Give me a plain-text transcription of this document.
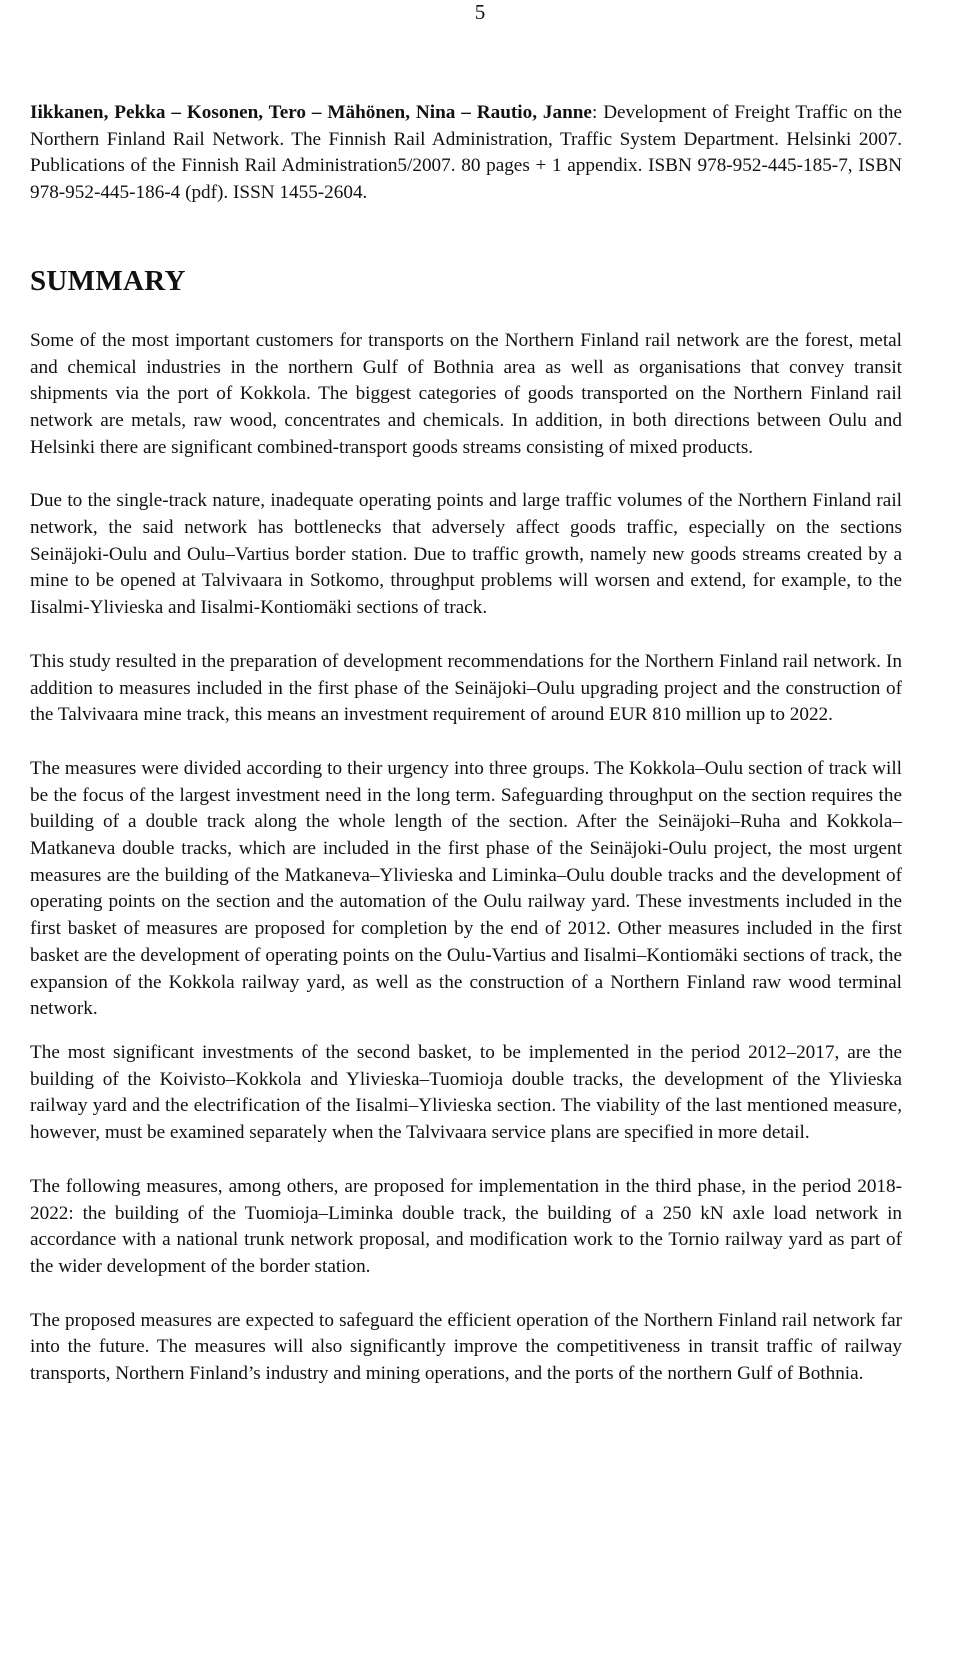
5

Iikkanen, Pekka – Kosonen, Tero – Mähönen, Nina – Rautio, Janne: Development of Freight Traffic on the Northern Finland Rail Network. The Finnish Rail Administration, Traffic System Department. Helsinki 2007. Publications of the Finnish Rail Administration5/2007. 80 pages + 1 appendix. ISBN 978-952-445-185-7, ISBN 978-952-445-186-4 (pdf). ISSN 1455-2604.

SUMMARY

Some of the most important customers for transports on the Northern Finland rail network are the forest, metal and chemical industries in the northern Gulf of Bothnia area as well as organisations that convey transit shipments via the port of Kokkola. The biggest categories of goods transported on the Northern Finland rail network are metals, raw wood, concentrates and chemicals. In addition, in both directions between Oulu and Helsinki there are significant combined-transport goods streams consisting of mixed products.

Due to the single-track nature, inadequate operating points and large traffic volumes of the Northern Finland rail network, the said network has bottlenecks that adversely affect goods traffic, especially on the sections Seinäjoki-Oulu and Oulu–Vartius border station. Due to traffic growth, namely new goods streams created by a mine to be opened at Talvivaara in Sotkomo, throughput problems will worsen and extend, for example, to the Iisalmi-Ylivieska and Iisalmi-Kontiomäki sections of track.

This study resulted in the preparation of development recommendations for the Northern Finland rail network. In addition to measures included in the first phase of the Seinäjoki–Oulu upgrading project and the construction of the Talvivaara mine track, this means an investment requirement of around EUR 810 million up to 2022.

The measures were divided according to their urgency into three groups. The Kokkola–Oulu section of track will be the focus of the largest investment need in the long term. Safeguarding throughput on the section requires the building of a double track along the whole length of the section. After the Seinäjoki–Ruha and Kokkola–Matkaneva double tracks, which are included in the first phase of the Seinäjoki-Oulu project, the most urgent measures are the building of the Matkaneva–Ylivieska and Liminka–Oulu double tracks and the development of operating points on the section and the automation of the Oulu railway yard. These investments included in the first basket of measures are proposed for completion by the end of 2012. Other measures included in the first basket are the development of operating points on the Oulu-Vartius and Iisalmi–Kontiomäki sections of track, the expansion of the Kokkola railway yard, as well as the construction of a Northern Finland raw wood terminal network.

The most significant investments of the second basket, to be implemented in the period 2012–2017, are the building of the Koivisto–Kokkola and Ylivieska–Tuomioja double tracks, the development of the Ylivieska railway yard and the electrification of the Iisalmi–Ylivieska section. The viability of the last mentioned measure, however, must be examined separately when the Talvivaara service plans are specified in more detail.

The following measures, among others, are proposed for implementation in the third phase, in the period 2018-2022: the building of the Tuomioja–Liminka double track, the building of a 250 kN axle load network in accordance with a national trunk network proposal, and modification work to the Tornio railway yard as part of the wider development of the border station.

The proposed measures are expected to safeguard the efficient operation of the Northern Finland rail network far into the future. The measures will also significantly improve the competitiveness in transit traffic of railway transports, Northern Finland’s industry and mining operations, and the ports of the northern Gulf of Bothnia.
